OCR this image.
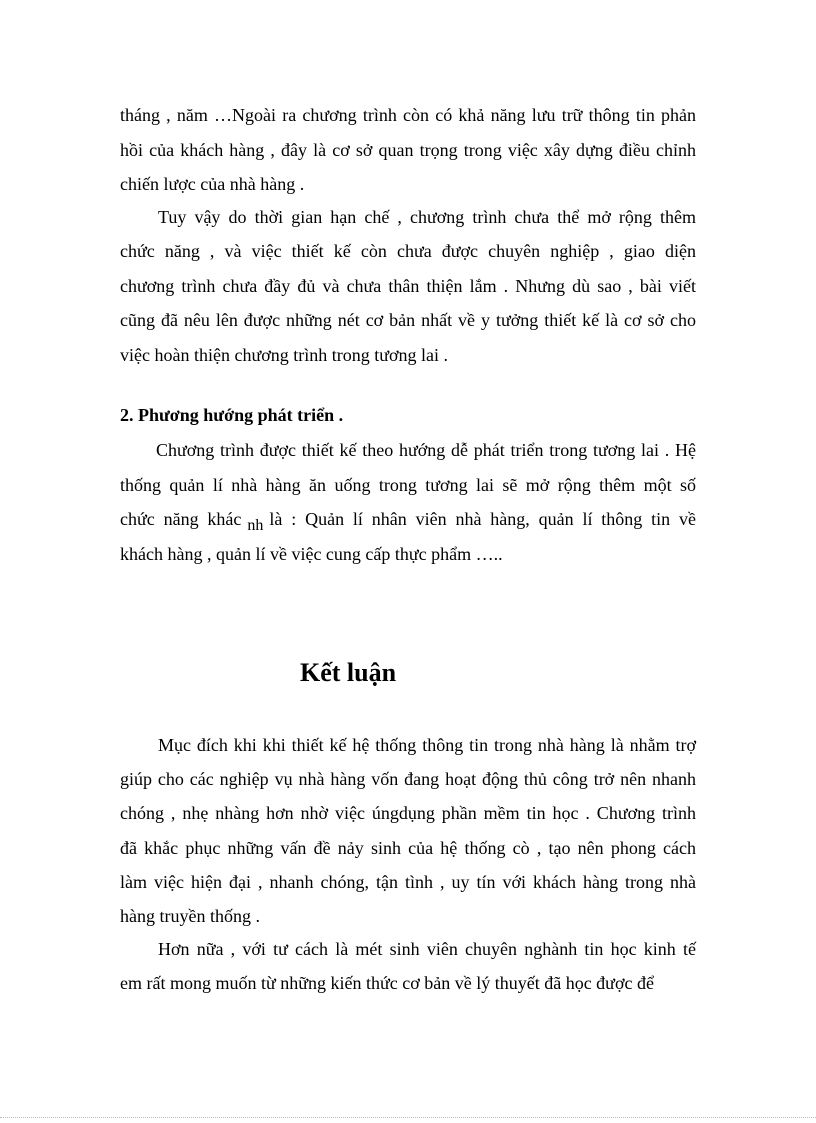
tháng , năm …Ngoài ra chương trình còn có khả năng lưu trữ thông tin phản
hồi của khách hàng , đây là cơ sở quan trọng trong việc xây dựng điều chỉnh
chiến lược của nhà hàng .
Tuy vậy do thời gian hạn chế , chương trình chưa thể mở rộng thêm
chức năng , và việc thiết kế còn chưa được chuyên nghiệp , giao diện
chương trình chưa đầy đủ và chưa thân thiện lắm . Nhưng dù sao , bài viết
cũng đã nêu lên được những nét cơ bản nhất về y tưởng thiết kế là cơ sở cho
việc hoàn thiện chương trình trong tương lai .
2. Phương hướng phát triển .
Chương trình được thiết kế theo hướng dễ phát triển trong tương lai . Hệ
thống quản lí nhà hàng ăn uống trong tương lai sẽ mở rộng thêm một số
chức năng khác nh là : Quản lí nhân viên nhà hàng, quản lí thông tin về
khách hàng , quản lí về việc cung cấp thực phẩm …..
Kết luận
Mục đích khi khi thiết kế hệ thống thông tin trong nhà hàng là nhằm trợ
giúp cho các nghiệp vụ nhà hàng vốn đang hoạt động thủ công trở nên nhanh
chóng , nhẹ nhàng hơn nhờ việc úngdụng phần mềm tin học . Chương trình
đã khắc phục những vấn đề nảy sinh của hệ thống cò , tạo nên phong cách
làm việc hiện đại , nhanh chóng, tận tình , uy tín với khách hàng trong nhà
hàng truyền thống .
Hơn nữa , với tư cách là mét sinh viên chuyên nghành tin học kinh tế
em rất mong muốn từ những kiến thức cơ bản về lý thuyết đã học được để
